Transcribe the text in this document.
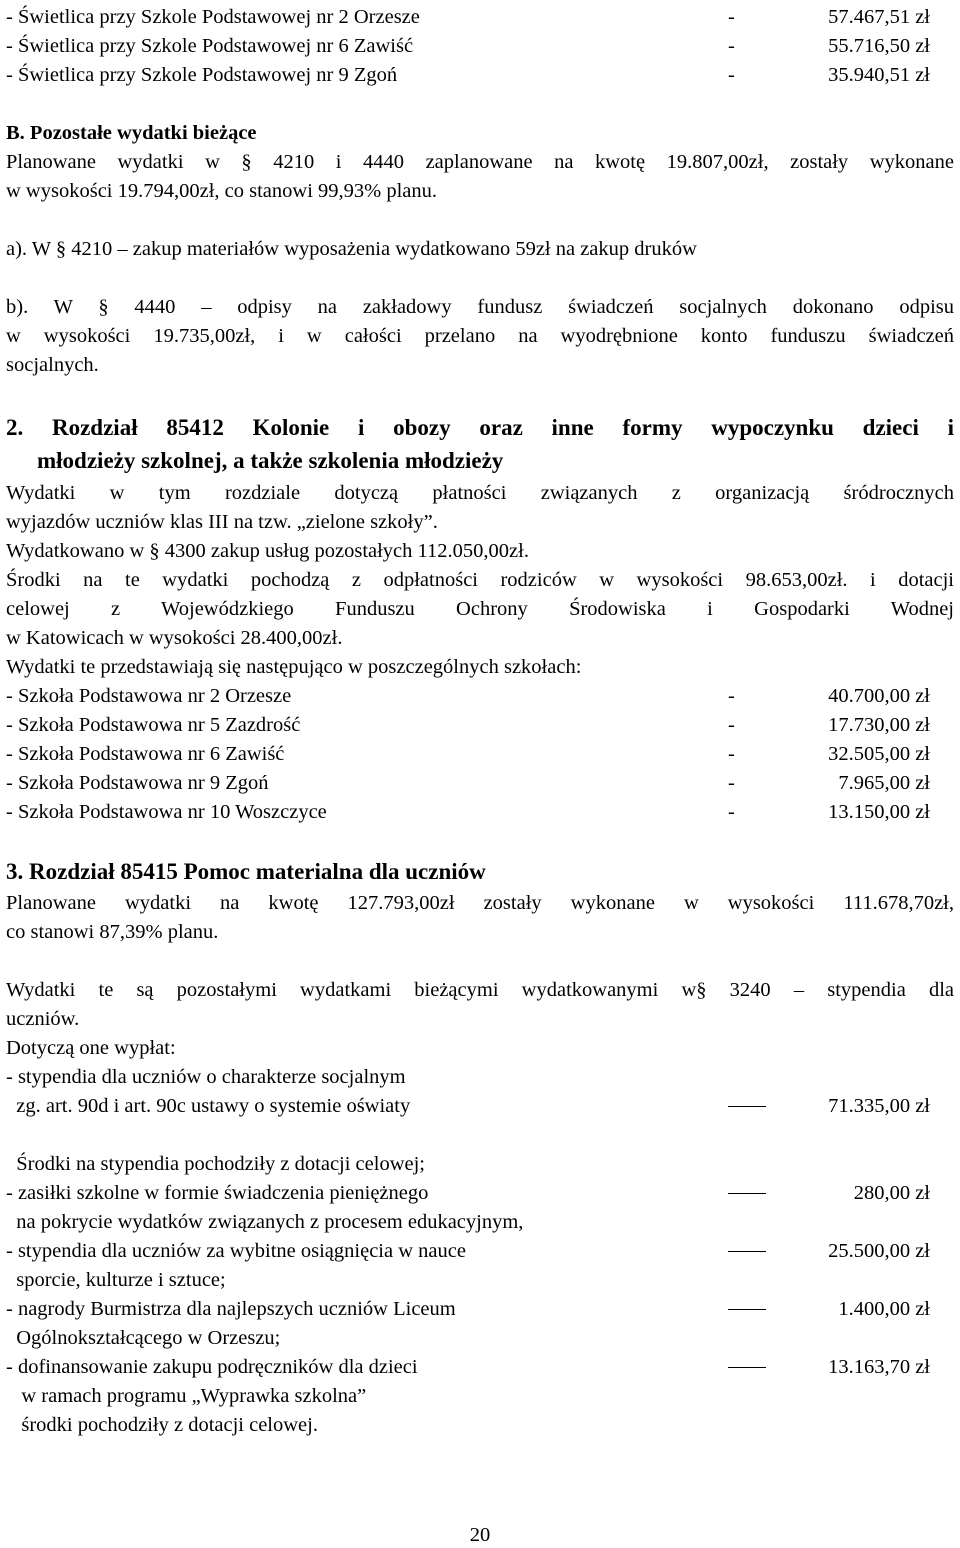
- Świetlica przy Szkole Podstawowej nr 2 Orzesze	-	57.467,51 zł
- Świetlica przy Szkole Podstawowej nr 6 Zawiść	-	55.716,50 zł
- Świetlica przy Szkole Podstawowej nr 9 Zgoń	-	35.940,51 zł
B. Pozostałe wydatki bieżące
Planowane wydatki w § 4210 i 4440 zaplanowane na kwotę 19.807,00zł, zostały wykonane
w wysokości 19.794,00zł, co stanowi 99,93% planu.
a). W § 4210 – zakup materiałów wyposażenia wydatkowano 59zł na zakup druków
b). W § 4440 – odpisy na zakładowy fundusz świadczeń socjalnych dokonano odpisu
w wysokości 19.735,00zł, i w całości przelano na wyodrębnione konto funduszu świadczeń
socjalnych.
2. Rozdział 85412 Kolonie i obozy oraz inne formy wypoczynku dzieci i
młodzieży szkolnej, a także szkolenia młodzieży
Wydatki w tym rozdziale dotyczą płatności związanych z organizacją śródrocznych
wyjazdów uczniów klas III na tzw. „zielone szkoły”.
Wydatkowano w § 4300 zakup usług pozostałych 112.050,00zł.
Środki na te wydatki pochodzą z odpłatności rodziców w wysokości 98.653,00zł. i dotacji
celowej z Wojewódzkiego Funduszu Ochrony Środowiska i Gospodarki Wodnej
w Katowicach w wysokości 28.400,00zł.
Wydatki te przedstawiają się następująco w poszczególnych szkołach:
- Szkoła Podstawowa nr 2 Orzesze	-	40.700,00 zł
- Szkoła Podstawowa nr 5 Zazdrość	-	17.730,00 zł
- Szkoła Podstawowa nr 6 Zawiść	-	32.505,00 zł
- Szkoła Podstawowa nr 9 Zgoń	-	7.965,00 zł
- Szkoła Podstawowa nr 10 Woszczyce	-	13.150,00 zł
3. Rozdział 85415 Pomoc materialna dla uczniów
Planowane wydatki na kwotę 127.793,00zł zostały wykonane w wysokości 111.678,70zł,
co stanowi 87,39% planu.
Wydatki te są pozostałymi wydatkami bieżącymi wydatkowanymi w§ 3240 – stypendia dla
uczniów.
Dotyczą one wypłat:
- stypendia dla uczniów o charakterze socjalnym
zg. art. 90d i art. 90c ustawy o systemie oświaty	71.335,00 zł
Środki na stypendia pochodziły z dotacji celowej;
- zasiłki szkolne w formie świadczenia pieniężnego	280,00 zł
na pokrycie wydatków związanych z procesem edukacyjnym,
- stypendia dla uczniów za wybitne osiągnięcia w nauce	25.500,00 zł
sporcie, kulturze i sztuce;
- nagrody Burmistrza dla najlepszych uczniów Liceum	1.400,00 zł
Ogólnokształcącego w Orzeszu;
- dofinansowanie zakupu podręczników dla dzieci	13.163,70 zł
w ramach programu „Wyprawka szkolna”
środki pochodziły z dotacji celowej.
20
